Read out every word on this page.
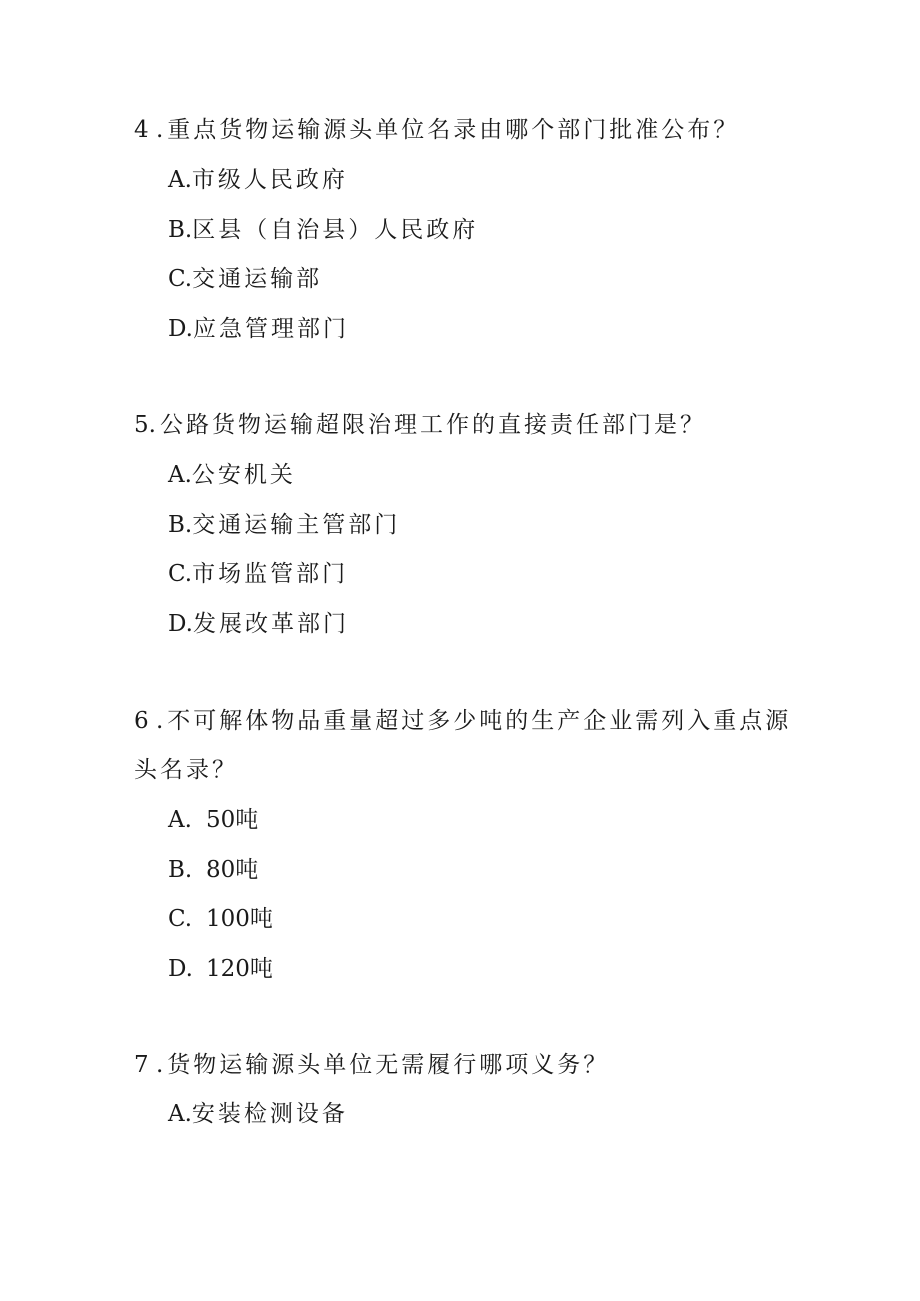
4 . 重点货物运输源头单位名录由哪个部门批准公布？

A.市级人民政府
B.区县（自治县）人民政府
C.交通运输部
D.应急管理部门

5. 公路货物运输超限治理工作的直接责任部门是？

A.公安机关
B.交通运输主管部门
C.市场监管部门
D.发展改革部门

6 . 不可解体物品重量超过多少吨的生产企业需列入重点源头名录？

A. 50吨
B. 80吨
C. 100吨
D. 120吨

7 . 货物运输源头单位无需履行哪项义务？

A.安装检测设备
